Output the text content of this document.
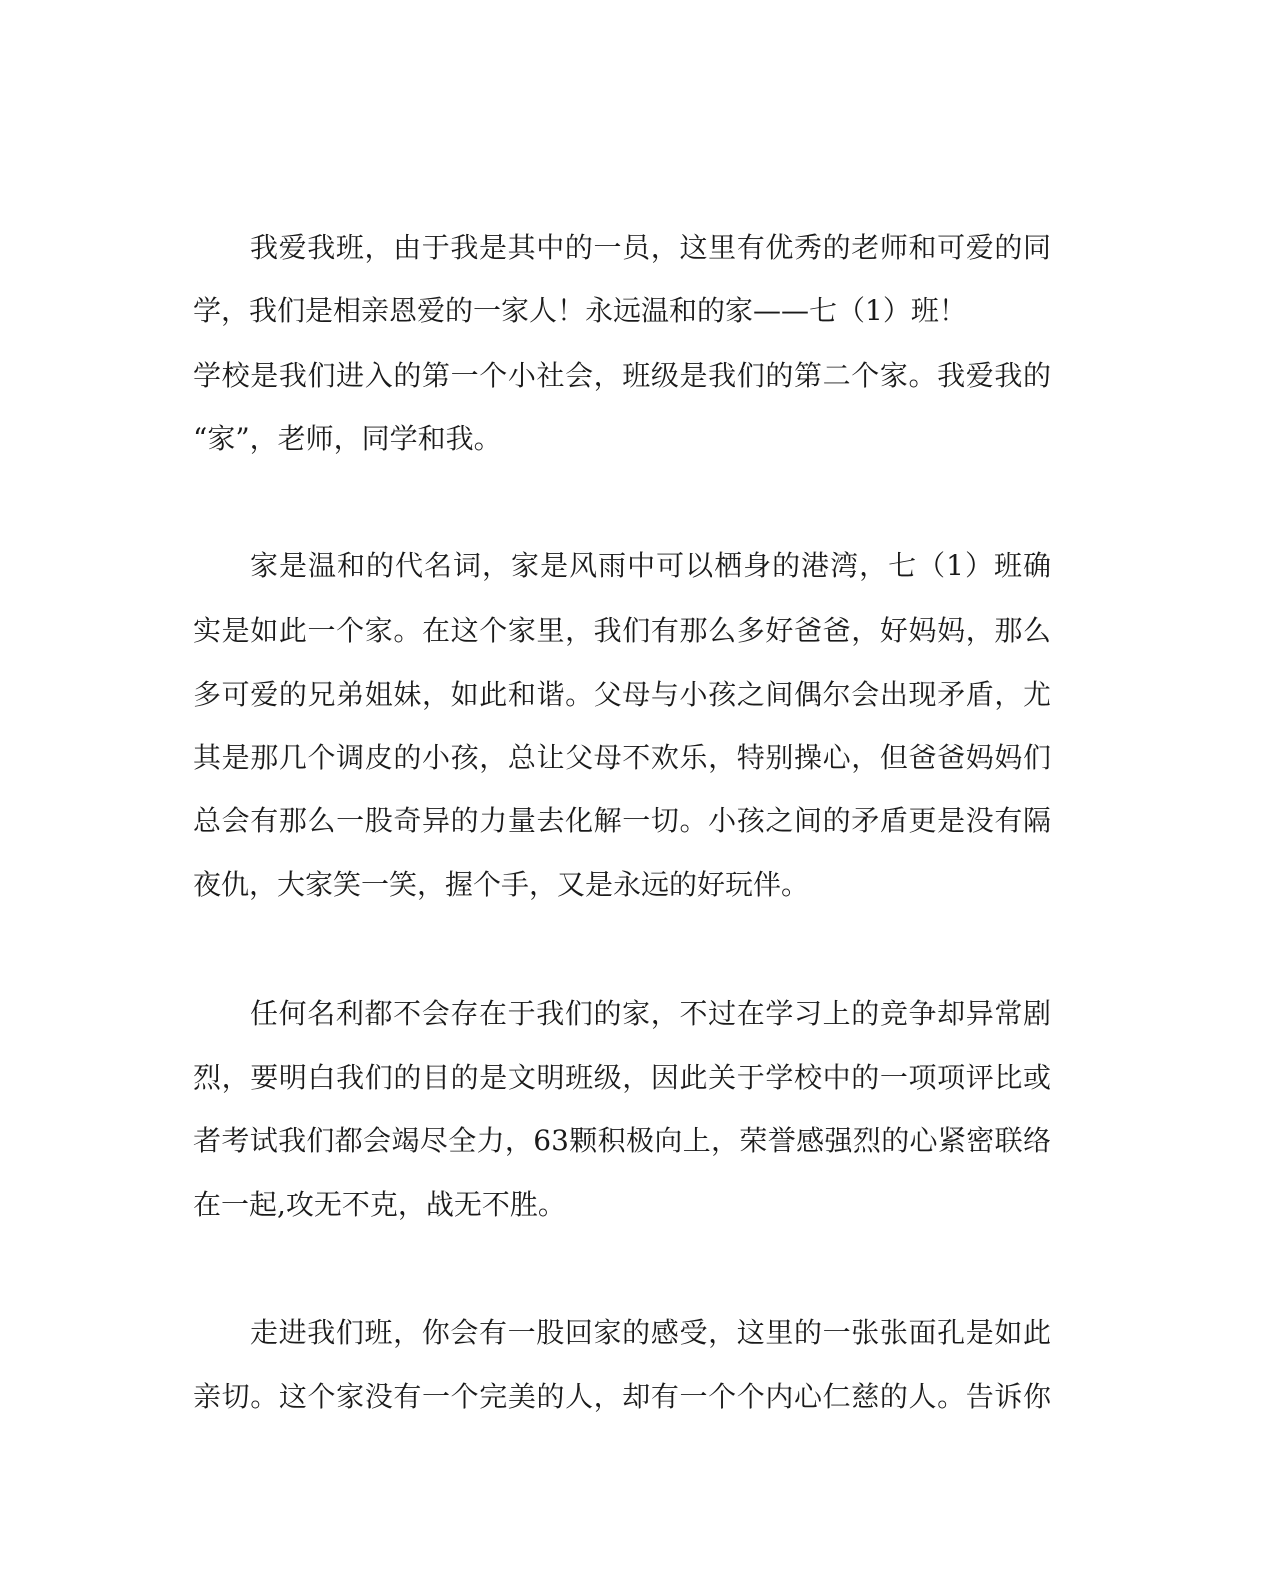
我爱我班，由于我是其中的一员，这里有优秀的老师和可爱的同
学，我们是相亲恩爱的一家人！永远温和的家——七（1）班！
学校是我们进入的第一个小社会，班级是我们的第二个家。我爱我的
“家”，老师，同学和我。
家是温和的代名词，家是风雨中可以栖身的港湾，七（1）班确
实是如此一个家。在这个家里，我们有那么多好爸爸，好妈妈，那么
多可爱的兄弟姐妹，如此和谐。父母与小孩之间偶尔会出现矛盾，尤
其是那几个调皮的小孩，总让父母不欢乐，特别操心，但爸爸妈妈们
总会有那么一股奇异的力量去化解一切。小孩之间的矛盾更是没有隔
夜仇，大家笑一笑，握个手，又是永远的好玩伴。
任何名利都不会存在于我们的家，不过在学习上的竞争却异常剧
烈，要明白我们的目的是文明班级，因此关于学校中的一项项评比或
者考试我们都会竭尽全力，63颗积极向上，荣誉感强烈的心紧密联络
在一起,攻无不克，战无不胜。
走进我们班，你会有一股回家的感受，这里的一张张面孔是如此
亲切。这个家没有一个完美的人，却有一个个内心仁慈的人。告诉你
